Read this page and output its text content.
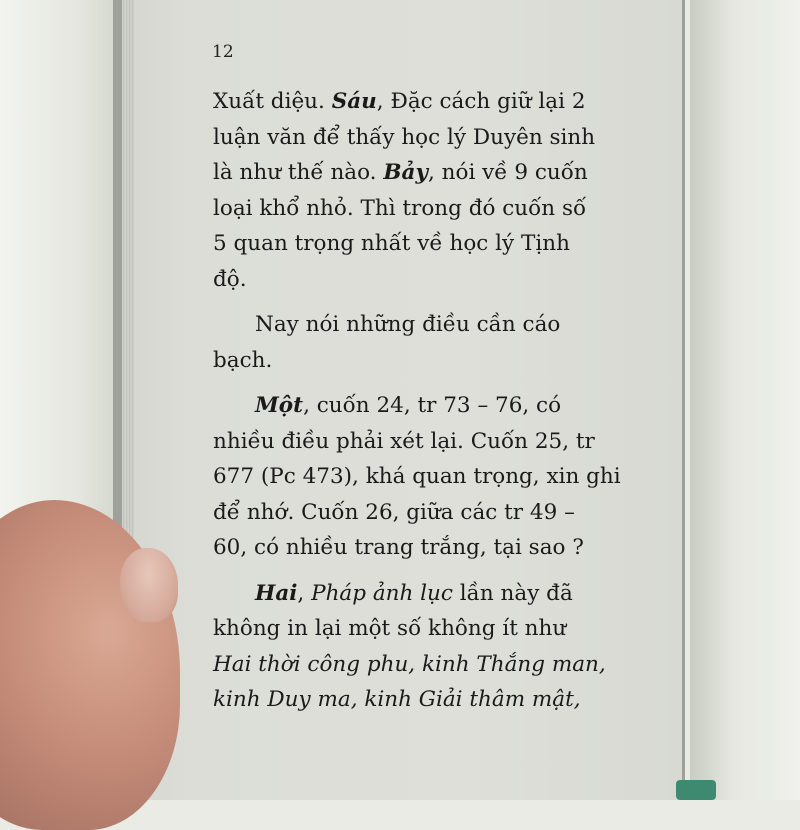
12
Xuất diệu. Sáu, Đặc cách giữ lại 2
luận văn để thấy học lý Duyên sinh
là như thế nào. Bảy, nói về 9 cuốn
loại khổ nhỏ. Thì trong đó cuốn số
5 quan trọng nhất về học lý Tịnh
độ.
Nay nói những điều cần cáo
bạch.
Một, cuốn 24, tr 73 – 76, có
nhiều điều phải xét lại. Cuốn 25, tr
677 (Pc 473), khá quan trọng, xin ghi
để nhớ. Cuốn 26, giữa các tr 49 –
60, có nhiều trang trắng, tại sao ?
Hai, Pháp ảnh lục lần này đã
không in lại một số không ít như
Hai thời công phu, kinh Thắng man,
kinh Duy ma, kinh Giải thâm mật,
